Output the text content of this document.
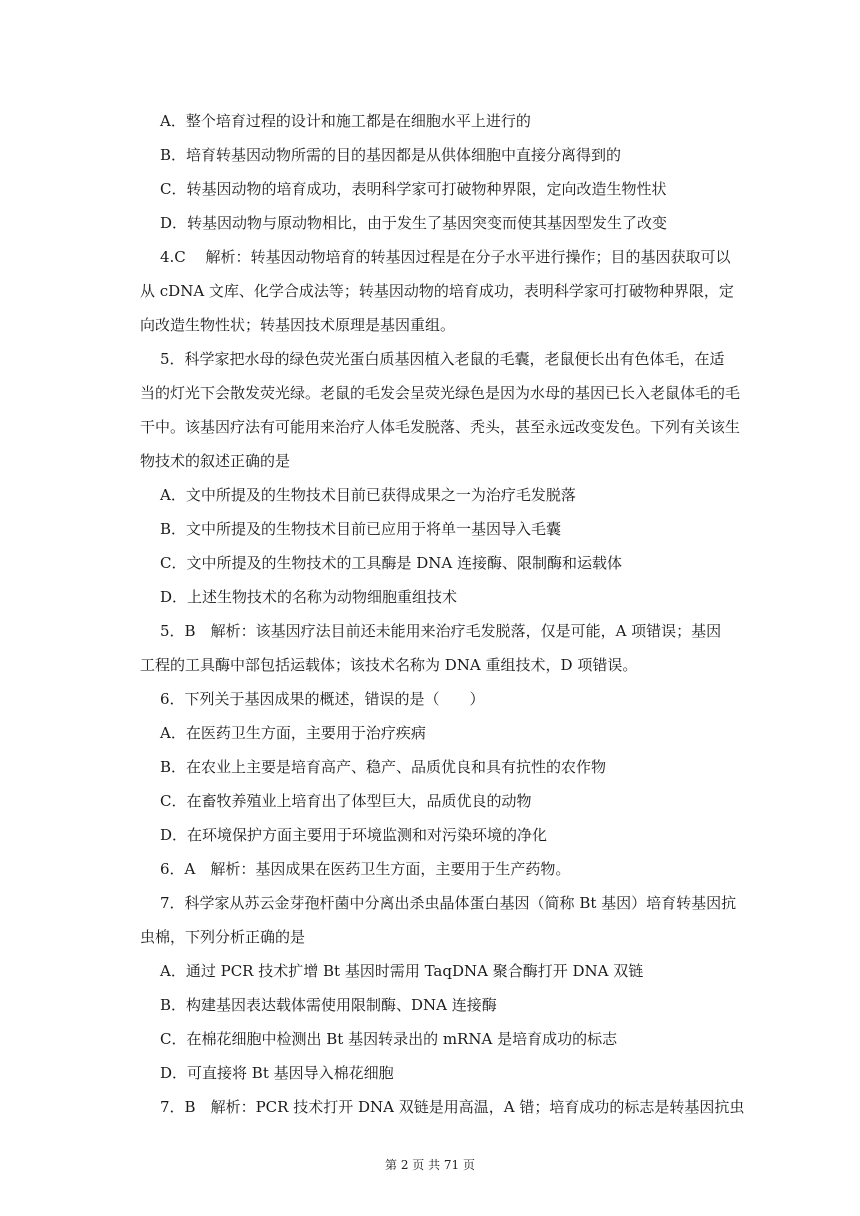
A．整个培育过程的设计和施工都是在细胞水平上进行的
B．培育转基因动物所需的目的基因都是从供体细胞中直接分离得到的
C．转基因动物的培育成功，表明科学家可打破物种界限，定向改造生物性状
D．转基因动物与原动物相比，由于发生了基因突变而使其基因型发生了改变
4.C　 解析：转基因动物培育的转基因过程是在分子水平进行操作；目的基因获取可以
从 cDNA 文库、化学合成法等；转基因动物的培育成功，表明科学家可打破物种界限，定
向改造生物性状；转基因技术原理是基因重组。
5．科学家把水母的绿色荧光蛋白质基因植入老鼠的毛囊，老鼠便长出有色体毛，在适
当的灯光下会散发荧光绿。老鼠的毛发会呈荧光绿色是因为水母的基因已长入老鼠体毛的毛
干中。该基因疗法有可能用来治疗人体毛发脱落、秃头，甚至永远改变发色。下列有关该生
物技术的叙述正确的是
A．文中所提及的生物技术目前已获得成果之一为治疗毛发脱落
B．文中所提及的生物技术目前已应用于将单一基因导入毛囊
C．文中所提及的生物技术的工具酶是 DNA 连接酶、限制酶和运载体
D．上述生物技术的名称为动物细胞重组技术
5．B　解析：该基因疗法目前还未能用来治疗毛发脱落，仅是可能，A 项错误；基因
工程的工具酶中部包括运载体；该技术名称为 DNA 重组技术，D 项错误。
6．下列关于基因成果的概述，错误的是（　　）
A．在医药卫生方面，主要用于治疗疾病
B．在农业上主要是培育高产、稳产、品质优良和具有抗性的农作物
C．在畜牧养殖业上培育出了体型巨大，品质优良的动物
D．在环境保护方面主要用于环境监测和对污染环境的净化
6．A　解析：基因成果在医药卫生方面，主要用于生产药物。
7．科学家从苏云金芽孢杆菌中分离出杀虫晶体蛋白基因（简称 Bt 基因）培育转基因抗
虫棉，下列分析正确的是
A．通过 PCR 技术扩增 Bt 基因时需用 TaqDNA 聚合酶打开 DNA 双链
B．构建基因表达载体需使用限制酶、DNA 连接酶
C．在棉花细胞中检测出 Bt 基因转录出的 mRNA 是培育成功的标志
D．可直接将 Bt 基因导入棉花细胞
7．B　解析：PCR 技术打开 DNA 双链是用高温，A 错；培育成功的标志是转基因抗虫
第 2 页 共 71 页
